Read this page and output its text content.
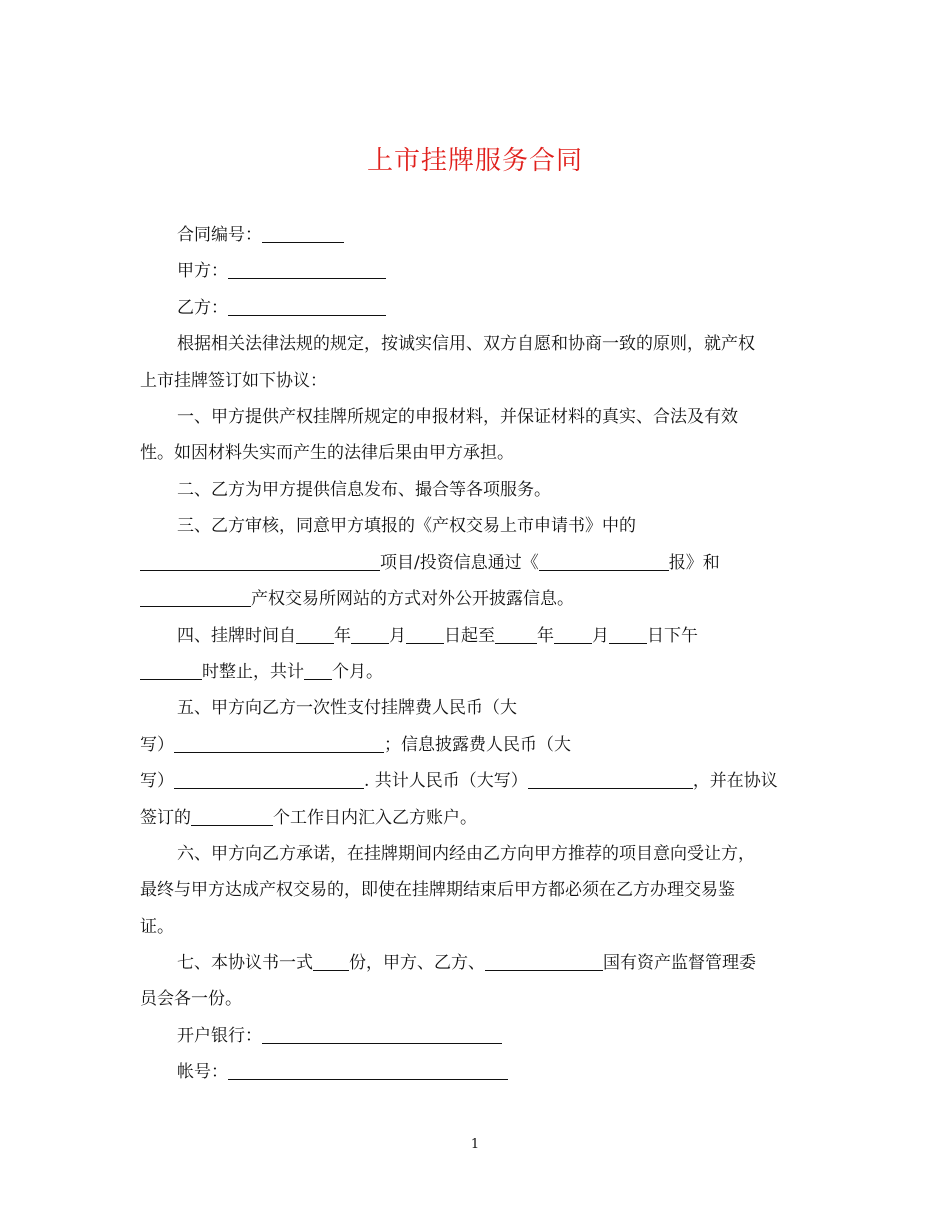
上市挂牌服务合同
合同编号：
甲方：
乙方：
根据相关法律法规的规定，按诚实信用、双方自愿和协商一致的原则，就产权
上市挂牌签订如下协议：
一、甲方提供产权挂牌所规定的申报材料，并保证材料的真实、合法及有效
性。如因材料失实而产生的法律后果由甲方承担。
二、乙方为甲方提供信息发布、撮合等各项服务。
三、乙方审核，同意甲方填报的《产权交易上市申请书》中的
项目/投资信息通过《	报》和
产权交易所网站的方式对外公开披露信息。
四、挂牌时间自 年 月 日起至 年 月 日下午
时整止，共计 个月。
五、甲方向乙方一次性支付挂牌费人民币（大
写）	；信息披露费人民币（大
写）	. 共计人民币（大写）	，并在协议
签订的	个工作日内汇入乙方账户。
六、甲方向乙方承诺，在挂牌期间内经由乙方向甲方推荐的项目意向受让方，
最终与甲方达成产权交易的，即使在挂牌期结束后甲方都必须在乙方办理交易鉴
证。
七、本协议书一式 份，甲方、乙方、	国有资产监督管理委
员会各一份。
开户银行：
帐号：
1
